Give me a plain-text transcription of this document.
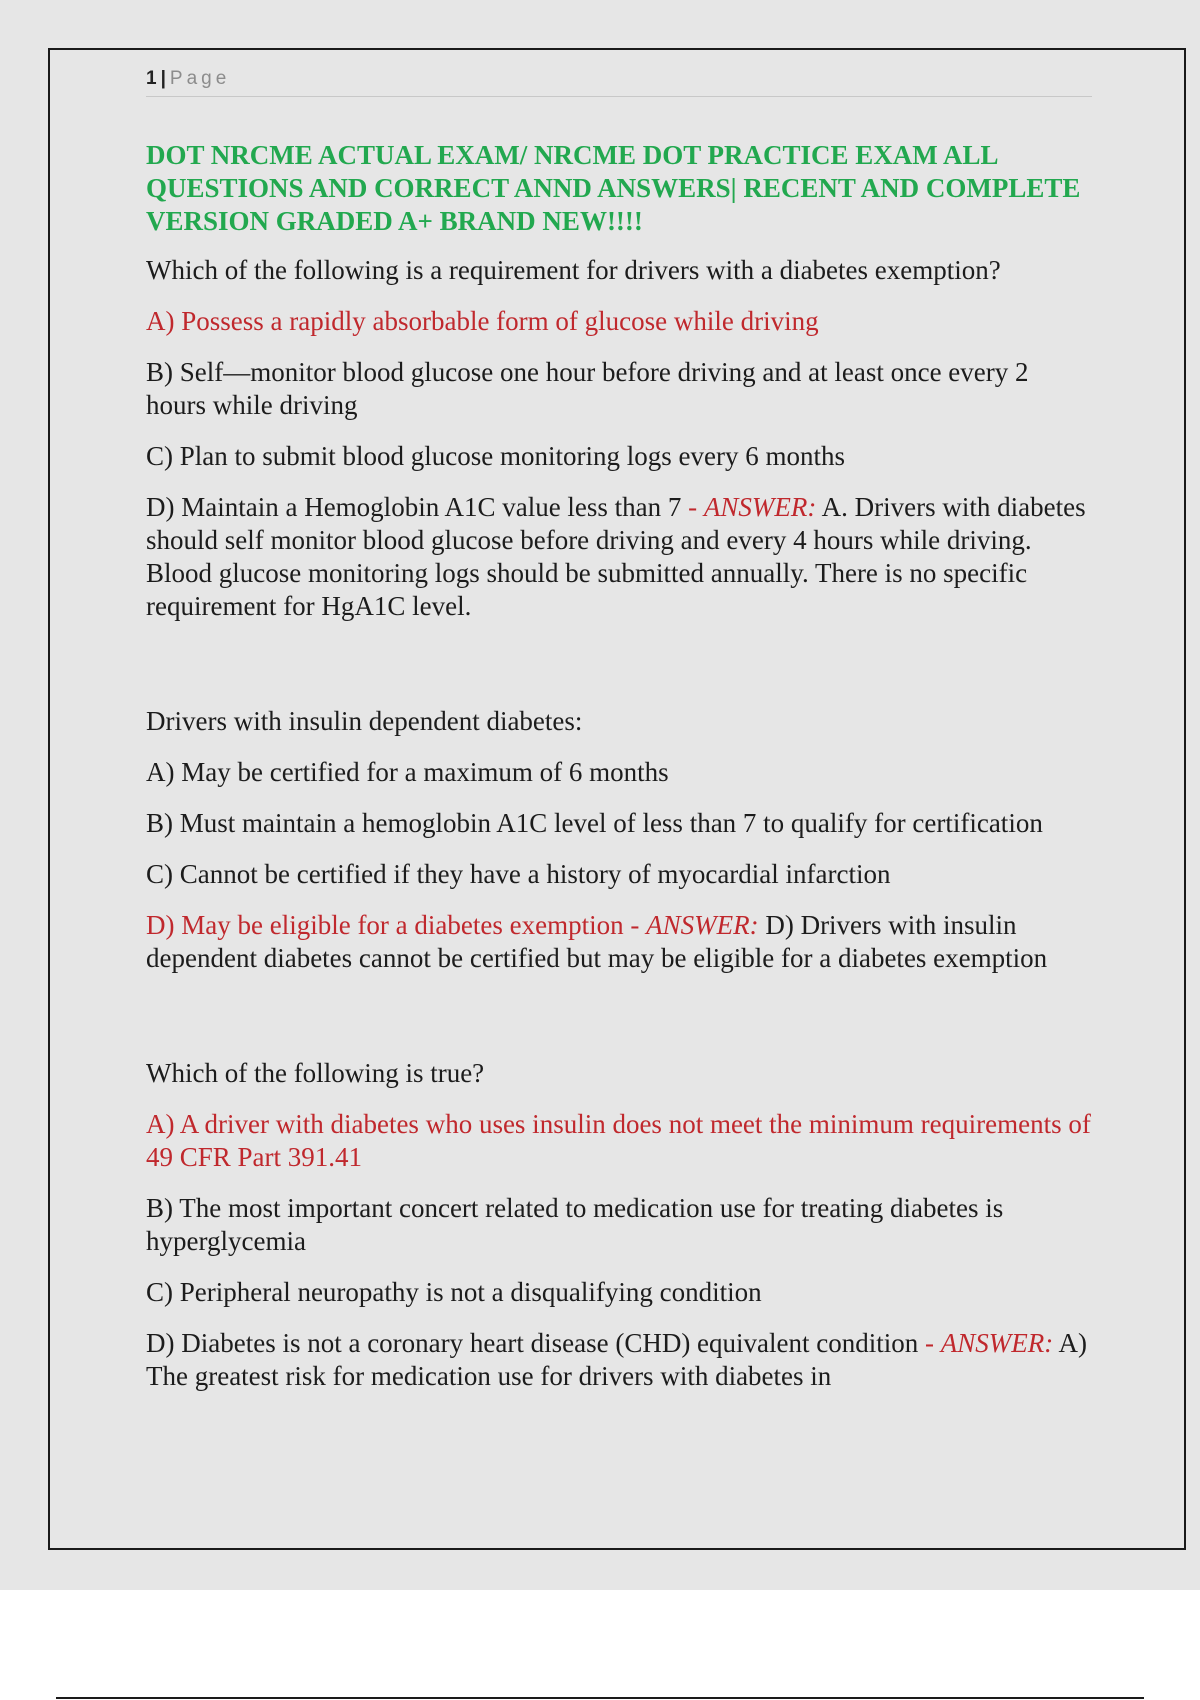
1 | Page
DOT NRCME ACTUAL EXAM/ NRCME DOT PRACTICE EXAM ALL QUESTIONS AND CORRECT ANND ANSWERS| RECENT AND COMPLETE VERSION GRADED A+ BRAND NEW!!!!

Which of the following is a requirement for drivers with a diabetes exemption?

A) Possess a rapidly absorbable form of glucose while driving

B) Self—monitor blood glucose one hour before driving and at least once every 2 hours while driving

C) Plan to submit blood glucose monitoring logs every 6 months

D) Maintain a Hemoglobin A1C value less than 7 - ANSWER: A. Drivers with diabetes should self monitor blood glucose before driving and every 4 hours while driving. Blood glucose monitoring logs should be submitted annually. There is no specific requirement for HgA1C level.

Drivers with insulin dependent diabetes:

A) May be certified for a maximum of 6 months

B) Must maintain a hemoglobin A1C level of less than 7 to qualify for certification

C) Cannot be certified if they have a history of myocardial infarction

D) May be eligible for a diabetes exemption - ANSWER: D) Drivers with insulin dependent diabetes cannot be certified but may be eligible for a diabetes exemption

Which of the following is true?

A) A driver with diabetes who uses insulin does not meet the minimum requirements of 49 CFR Part 391.41

B) The most important concert related to medication use for treating diabetes is hyperglycemia

C) Peripheral neuropathy is not a disqualifying condition

D) Diabetes is not a coronary heart disease (CHD) equivalent condition - ANSWER: A) The greatest risk for medication use for drivers with diabetes in
